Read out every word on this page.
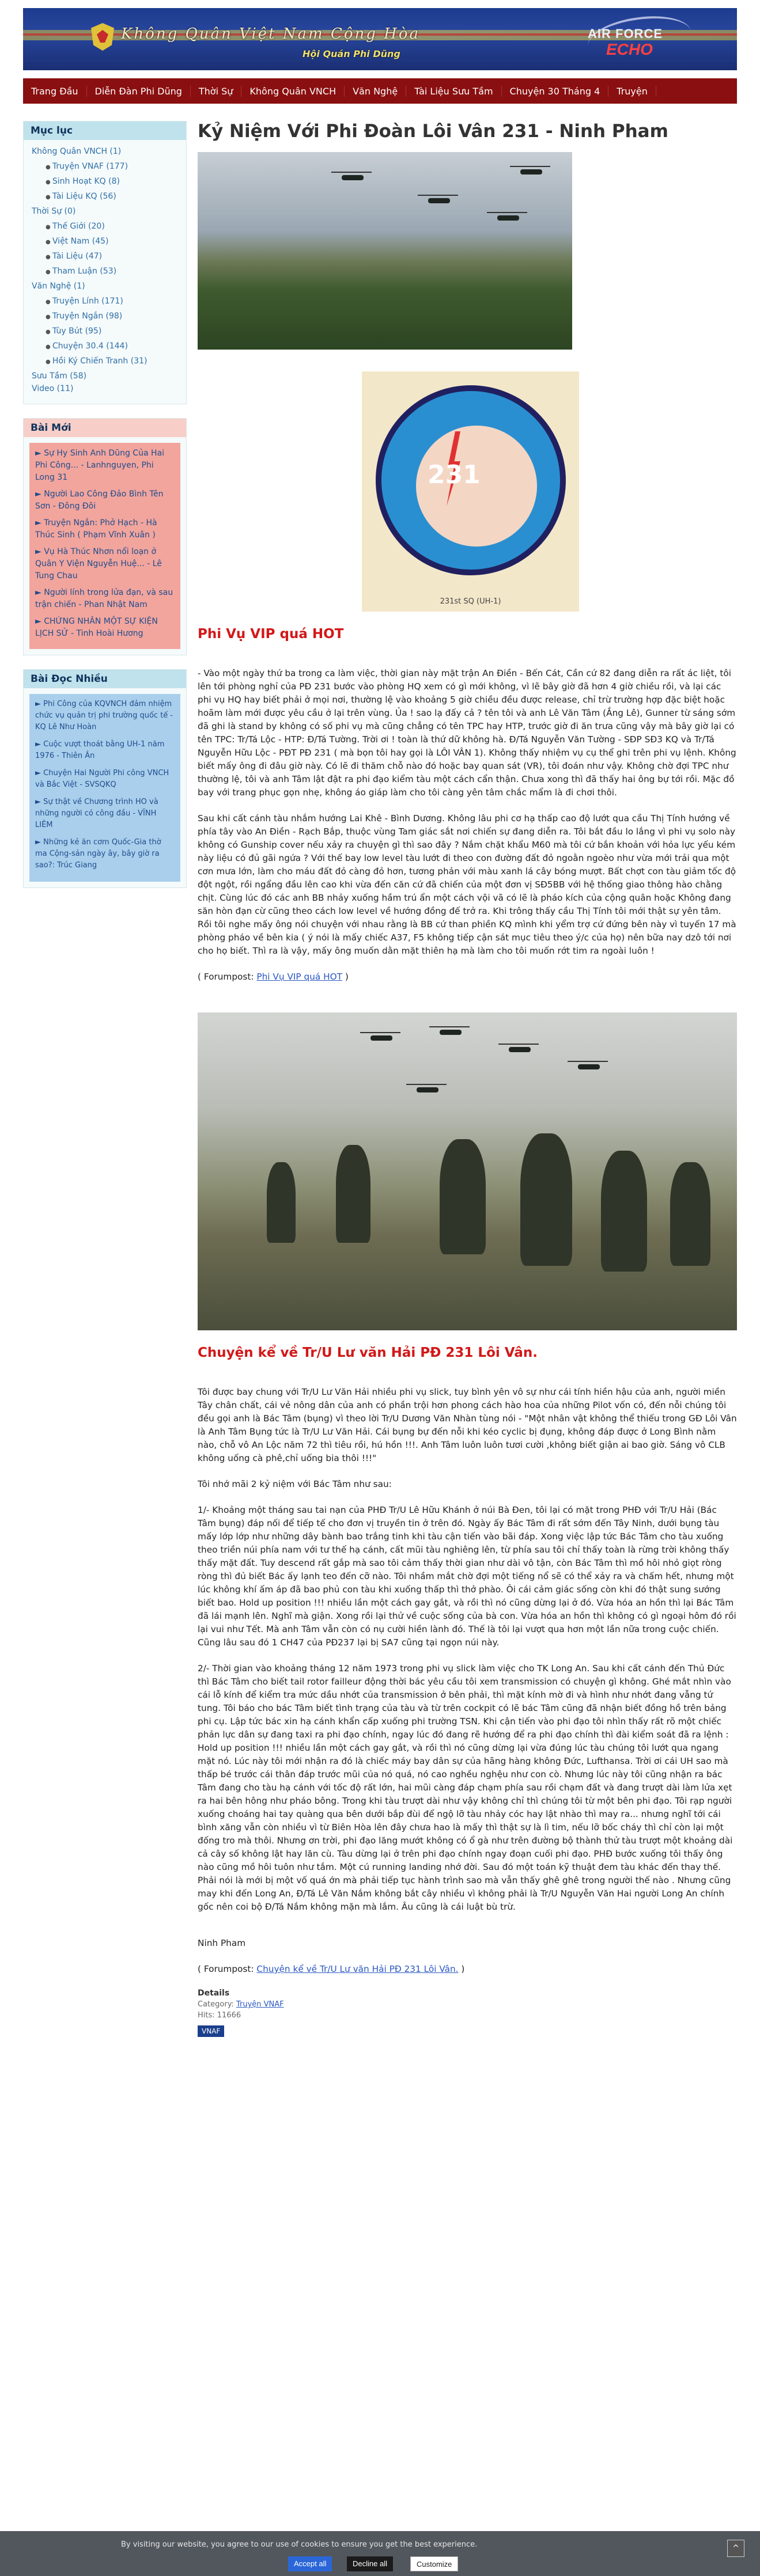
Không Quân Việt Nam Cộng Hòa
Hội Quán Phi Dũng
AIR FORCE
ECHO
Trang Đầu	Diễn Đàn Phi Dũng	Thời Sự	Không Quân VNCH	Văn Nghệ	Tài Liệu Sưu Tầm	Chuyện 30 Tháng 4	Truyện
Mục lục
Không Quân VNCH (1)
● Truyện VNAF (177)
● Sinh Hoạt KQ (8)
● Tài Liệu KQ (56)
Thời Sự (0)
● Thế Giới (20)
● Việt Nam (45)
● Tài Liệu (47)
● Tham Luận (53)
Văn Nghệ (1)
● Truyện Lính (171)
● Truyện Ngắn (98)
● Tùy Bút (95)
● Chuyện 30.4 (144)
● Hồi Ký Chiến Tranh (31)
Sưu Tầm (58)
Video (11)
Bài Mới
► Sự Hy Sinh Anh Dũng Của Hai Phi Công... - Lanhnguyen, Phi Long 31
► Người Lao Công Đảo Bình Tên Sơn - Đông Đôi
► Truyện Ngắn: Phở Hạch - Hà Thúc Sinh ( Phạm Vĩnh Xuân )
► Vụ Hà Thúc Nhơn nổi loạn ở Quân Y Viện Nguyễn Huệ... - Lê Tung Chau
► Người lính trong lửa đạn, và sau trận chiến - Phan Nhật Nam
► CHỨNG NHÂN MỘT SỰ KIỆN LỊCH SỬ - Tinh Hoài Hương
Bài Đọc Nhiều
► Phi Công của KQVNCH đảm nhiệm chức vụ quản trị phi trường quốc tế - KQ Lê Như Hoàn
► Cuộc vượt thoát bằng UH-1 năm 1976 - Thiên Ân
► Chuyện Hai Người Phi công VNCH và Bắc Việt - SVSQKQ
► Sự thật về Chương trình HO và những người có công đầu - VĨNH LIÊM
► Những kẻ ăn cơm Quốc-Gia thờ ma Cộng-sản ngày ây, bây giờ ra sao?: Trúc Giang
Kỷ Niệm Với Phi Đoàn Lôi Vân 231 - Ninh Pham
231
231st SQ (UH-1)
Phi Vụ VIP quá HOT

- Vào một ngày thứ ba trong ca làm việc, thời gian này mặt trận An Điền - Bến Cát, Cần cứ 82 đang diễn ra rất ác liệt, tôi lên tới phòng nghỉ của PĐ 231 bước vào phòng HQ xem có gì mới không, vì lẽ bây giờ đã hơn 4 giờ chiều rồi, và lại các phi vụ HQ hay biết phải ở mọi nơi, thường lệ vào khoảng 5 giờ chiều đều được release, chỉ trừ trường hợp đặc biệt hoặc hoãm làm mới được yêu cầu ở lại trên vùng. Ủa ! sao lạ đấy cả ? tên tôi và anh Lê Văn Tâm (Ắng Lê), Gunner từ sáng sớm đã ghi là stand by không có số phi vụ mà cũng chẳng có tên TPC hay HTP, trước giờ đi ăn trưa cũng vậy mà bây giờ lại có tên TPC: Tr/Tá Lộc - HTP: Đ/Tá Tường. Trời ơi ! toàn là thứ dữ không hà. Đ/Tá Nguyễn Văn Tường - SĐP SĐ3 KQ và Tr/Tá Nguyễn Hữu Lộc - PĐT PĐ 231 ( mà bọn tôi hay gọi là LÔI VÂN 1). Không thấy nhiệm vụ cụ thể ghi trên phi vụ lệnh. Không biết mấy ông đi đâu giờ này. Có lẽ đi thăm chỗ nào đó hoặc bay quan sát (VR), tôi đoán như vậy. Không chờ đợi TPC như thường lệ, tôi và anh Tâm lật đật ra phi đạo kiểm tàu một cách cẩn thận. Chưa xong thì đã thấy hai ông bự tới rồi. Mặc đồ bay với trang phục gọn nhẹ, không áo giáp làm cho tôi càng yên tâm chắc mẩm là đi chơi thôi.

Sau khi cất cánh tàu nhắm hướng Lai Khê - Bình Dương. Không lâu phi cơ hạ thấp cao độ lướt qua cầu Thị Tính hướng về phía tây vào An Điền - Rạch Bắp, thuộc vùng Tam giác sắt nơi chiến sự đang diễn ra. Tôi bắt đầu lo lắng vì phi vụ solo này không có Gunship cover nếu xảy ra chuyện gì thì sao đây ? Nắm chặt khẩu M60 mà tôi cứ bắn khoản với hỏa lực yếu kém này liệu có đủ gãi ngứa ? Với thế bay low level tàu lướt đi theo con đường đất đỏ ngoằn ngoèo như vừa mới trải qua một cơn mưa lớn, làm cho máu đất đỏ càng đỏ hơn, tương phản với màu xanh lá cây bóng mượt. Bất chợt con tàu giảm tốc độ đột ngột, rồi ngẩng đầu lên cao khi vừa đến căn cứ đã chiến của một đơn vị SĐ5BB với hệ thống giao thông hào chằng chịt. Cùng lúc đó các anh BB nhảy xuống hầm trú ẩn một cách vội vã có lẽ là pháo kích của cộng quân hoặc Không đang săn hòn đạn cừ cũng theo cách low level về hướng đồng đế trở ra. Khi trông thấy cầu Thị Tính tôi mới thật sự yên tâm. Rồi tôi nghe mấy ông nói chuyện với nhau rằng là BB cứ than phiền KQ mình khi yểm trợ cứ đứng bên này vì tuyến 17 mà phòng pháo về bên kia ( ý nói là mấy chiếc A37, F5 không tiếp cận sát mục tiêu theo ý/c của họ) nên bữa nay dzô tới nơi cho họ biết. Thì ra là vậy, mấy ông muốn dằn mặt thiên hạ mà làm cho tôi muốn rớt tim ra ngoài luôn !

( Forumpost: Phi Vụ VIP quá HOT )

Chuyện kể về Tr/U Lư văn Hải PĐ 231 Lôi Vân.

Tôi được bay chung với Tr/U Lư Văn Hải nhiều phi vụ slick, tuy bình yên vô sự như cái tính hiền hậu của anh, người miền Tây chân chất, cái vẻ nông dân của anh có phần trội hơn phong cách hào hoa của những Pilot vốn có, đến nỗi chúng tôi đều gọi anh là Bác Tâm (bụng) vì theo lời Tr/U Dương Văn Nhàn tùng nói - "Một nhân vật không thể thiếu trong GĐ Lôi Vân là Anh Tâm Bụng tức là Tr/U Lư Văn Hải. Cái bụng bự đến nỗi khi kéo cyclic bị đụng, không đáp được ở Long Bình nằm nào, chỗ vô An Lộc năm 72 thì tiêu rồi, hú hồn !!!. Anh Tâm luôn luôn tươi cười ,không biết giận ai bao giờ. Sáng vô CLB không uống cà phê,chỉ uống bia thôi !!!"

Tôi nhớ mãi 2 kỷ niệm với Bác Tâm như sau:

1/- Khoảng một tháng sau tai nạn của PHĐ Tr/U Lê Hữu Khánh ở núi Bà Đen, tôi lại có mặt trong PHĐ với Tr/U Hải (Bác Tâm bụng) đáp nối để tiếp tế cho đơn vị truyền tin ở trên đó. Ngày ấy Bác Tâm đi rất sớm đến Tây Ninh, dưới bụng tàu mấy lớp lớp như những dây bành bao trắng tinh khi tàu cận tiến vào bãi đáp. Xong việc lập tức Bác Tâm cho tàu xuống theo triền núi phía nam với tư thế hạ cánh, cất mũi tàu nghiêng lên, từ phía sau tôi chỉ thấy toàn là rừng trời không thấy thấy mặt đất. Tuy descend rất gắp mà sao tôi cảm thấy thời gian như dài vô tận, còn Bác Tâm thì mồ hôi nhỏ giọt ròng ròng thì đủ biết Bác ấy lạnh teo đến cỡ nào. Tôi nhầm mắt chờ đợi một tiếng nổ sẽ có thể xảy ra và chấm hết, nhưng một lúc không khí ấm áp đã bao phủ con tàu khi xuống thấp thì thở phào. Ôi cái cảm giác sống còn khi đó thật sung sướng biết bao. Hold up position !!! nhiều lần một cách gay gắt, và rồi thì nó cũng dừng lại ở đó. Vừa hóa an hồn thì lại Bác Tâm đã lái mạnh lên. Nghĩ mà giận. Xong rồi lại thử về cuộc sống của bà con. Vừa hóa an hồn thì không có gì ngoại hôm đó rồi lại vui như Tết. Mà anh Tâm vẫn còn có nụ cười hiền lành đó. Thế là tôi lại vượt qua hơn một lần nữa trong cuộc chiến. Cũng lâu sau đó 1 CH47 của PĐ237 lại bị SA7 cũng tại ngọn núi này.

2/- Thời gian vào khoảng tháng 12 năm 1973 trong phi vụ slick làm việc cho TK Long An. Sau khi cất cánh đến Thủ Đức thì Bác Tâm cho biết tail rotor failleur động thời bác yêu cầu tôi xem transmission có chuyện gì không. Ghé mắt nhìn vào cái lỗ kính để kiểm tra mức dầu nhớt của transmission ở bên phải, thì mặt kính mờ đi và hình như nhớt đang vẫng tứ tung. Tôi báo cho bác Tâm biết tình trạng của tàu và từ trên cockpit có lẽ bác Tâm cũng đã nhận biết đồng hồ trên bảng phi cụ. Lập tức bác xin hạ cánh khẩn cấp xuống phi trường TSN. Khi cận tiến vào phi đạo tôi nhìn thấy rất rõ một chiếc phản lực dân sự đang taxi ra phi đạo chính, ngay lúc đó đang rẽ hướng để ra phi đạo chính thì đài kiểm soát đã ra lệnh : Hold up position !!! nhiều lần một cách gay gắt, và rồi thì nó cũng dừng lại vừa đúng lúc tàu chúng tôi lướt qua ngang mặt nó. Lúc này tôi mới nhận ra đó là chiếc máy bay dân sự của hãng hàng không Đức, Lufthansa. Trời ơi cái UH sao mà thấp bé trước cái thân đáp trước mũi của nó quá, nó cao nghều nghệu như con cò. Nhưng lúc này tôi cũng nhận ra bác Tâm đang cho tàu hạ cánh với tốc độ rất lớn, hai mũi càng đáp chạm phía sau rồi chạm đất và đang trượt dài làm lửa xẹt ra hai bên hông như pháo bông. Trong khi tàu trượt dài như vậy không chỉ thì chúng tôi từ một bên phi đạo. Tôi rạp người xuống choáng hai tay quàng qua bên dưới bắp đùi để ngộ lỡ tàu nhảy cóc hay lật nhào thì may ra... nhưng nghĩ tới cái bình xăng vẫn còn nhiều vì từ Biên Hòa lên đây chưa hao là mấy thì thật sự là lì tim, nếu lỡ bốc cháy thì chỉ còn lại một đống tro mà thôi. Nhưng ơn trời, phi đạo lăng mướt không có ổ gà như trên đường bộ thành thử tàu trượt một khoảng dài cả cây số không lật hay lăn cù. Tàu dừng lại ở trên phi đạo chính ngay đoạn cuối phi đạo. PHĐ bước xuống tôi thấy ông nào cũng mồ hôi tuôn như tắm. Một cú running landing nhớ đời. Sau đó một toán kỹ thuật đem tàu khác đến thay thế. Phải nói là mới bị một vố quá ớn mà phải tiếp tục hành trình sao mà vẫn thấy ghê ghê trong người thế nào . Nhưng cũng may khi đến Long An, Đ/Tá Lê Văn Nắm không bắt cây nhiều vì không phải là Tr/U Nguyễn Văn Hai người Long An chính gốc nên coi bộ Đ/Tá Nắm không mặn mà lắm. Âu cũng là cái luật bù trừ.

Ninh Pham

( Forumpost: Chuyện kể về Tr/U Lư văn Hải PĐ 231 Lôi Vân. )

Details
Category: Truyện VNAF
Hits: 11666
VNAF
By visiting our website, you agree to our use of cookies to ensure you get the best experience.
Accept all	Decline all	Customize
^
